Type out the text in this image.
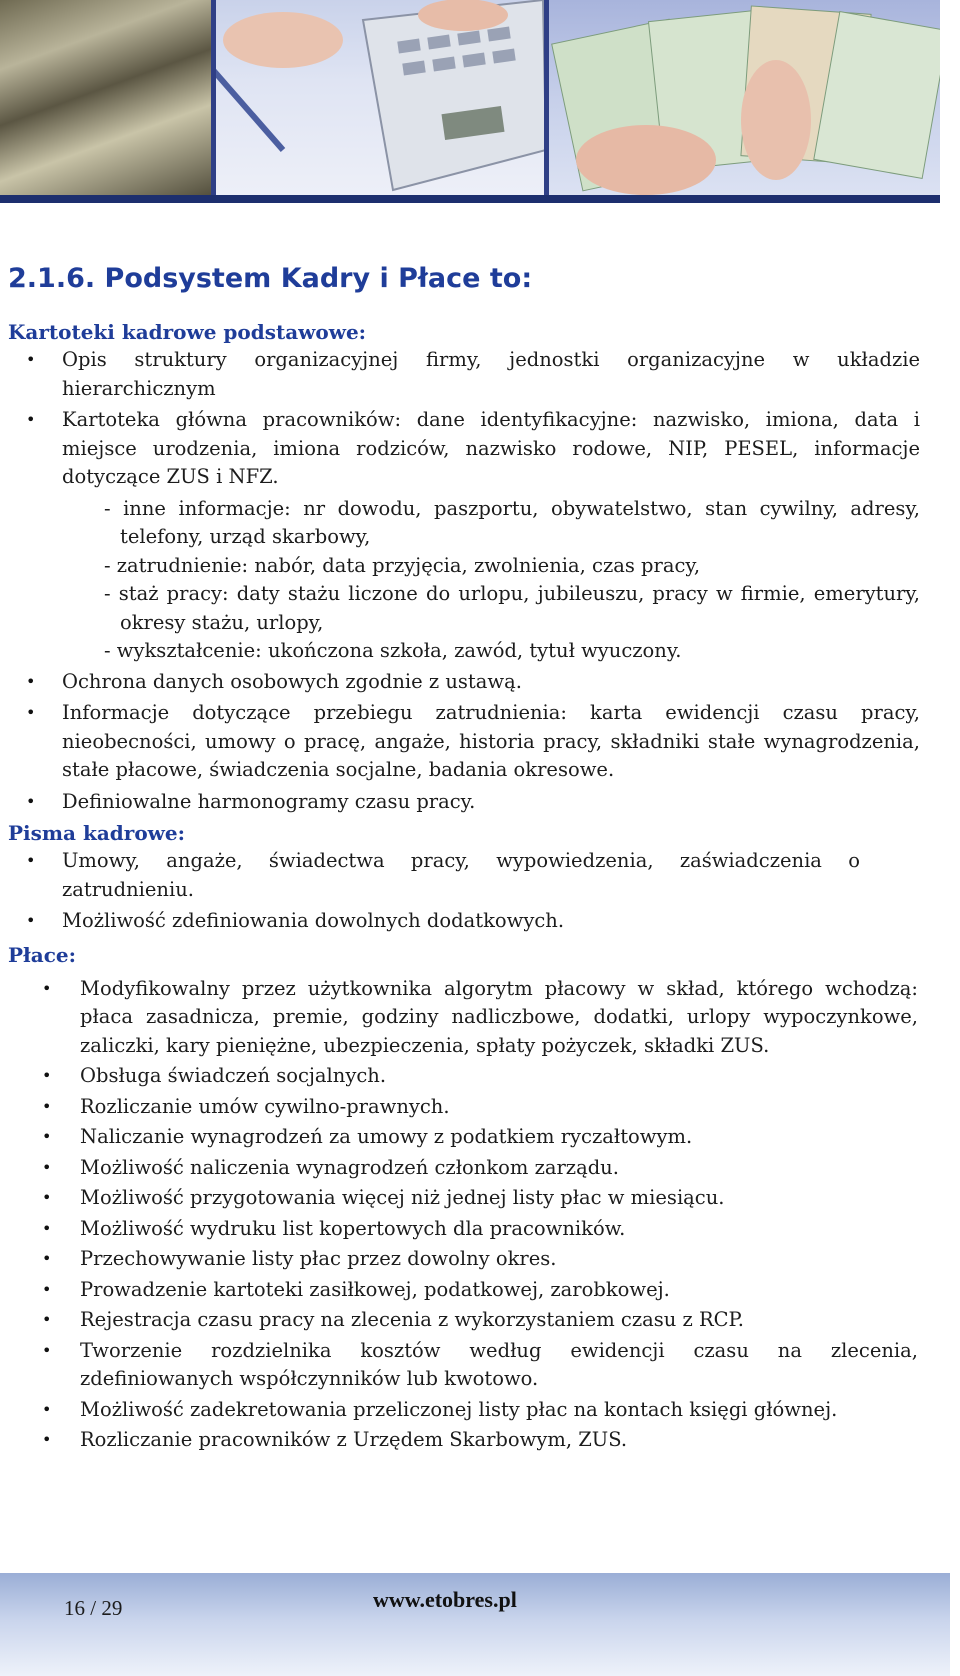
2.1.6. Podsystem Kadry i Płace to:
Kartoteki kadrowe podstawowe:
• Opis struktury organizacyjnej firmy, jednostki organizacyjne w układzie hierarchicznym
• Kartoteka główna pracowników: dane identyfikacyjne: nazwisko, imiona, data i miejsce urodzenia, imiona rodziców, nazwisko rodowe, NIP, PESEL, informacje dotyczące ZUS i NFZ.
- inne informacje: nr dowodu, paszportu, obywatelstwo, stan cywilny, adresy, telefony, urząd skarbowy,
- zatrudnienie: nabór, data przyjęcia, zwolnienia, czas pracy,
- staż pracy: daty stażu liczone do urlopu, jubileuszu, pracy w firmie, emerytury, okresy stażu, urlopy,
- wykształcenie: ukończona szkoła, zawód, tytuł wyuczony.
• Ochrona danych osobowych zgodnie z ustawą.
• Informacje dotyczące przebiegu zatrudnienia: karta ewidencji czasu pracy, nieobecności, umowy o pracę, angaże, historia pracy, składniki stałe wynagrodzenia, stałe płacowe, świadczenia socjalne, badania okresowe.
• Definiowalne harmonogramy czasu pracy.
Pisma kadrowe:
• Umowy, angaże, świadectwa pracy, wypowiedzenia, zaświadczenia o zatrudnieniu.
• Możliwość zdefiniowania dowolnych dodatkowych.
Płace:
• Modyfikowalny przez użytkownika algorytm płacowy w skład, którego wchodzą: płaca zasadnicza, premie, godziny nadliczbowe, dodatki, urlopy wypoczynkowe, zaliczki, kary pieniężne, ubezpieczenia, spłaty pożyczek, składki ZUS.
• Obsługa świadczeń socjalnych.
• Rozliczanie umów cywilno-prawnych.
• Naliczanie wynagrodzeń za umowy z podatkiem ryczałtowym.
• Możliwość naliczenia wynagrodzeń członkom zarządu.
• Możliwość przygotowania więcej niż jednej listy płac w miesiącu.
• Możliwość wydruku list kopertowych dla pracowników.
• Przechowywanie listy płac przez dowolny okres.
• Prowadzenie kartoteki zasiłkowej, podatkowej, zarobkowej.
• Rejestracja czasu pracy na zlecenia z wykorzystaniem czasu z RCP.
• Tworzenie rozdzielnika kosztów według ewidencji czasu na zlecenia, zdefiniowanych współczynników lub kwotowo.
• Możliwość zadekretowania przeliczonej listy płac na kontach księgi głównej.
• Rozliczanie pracowników z Urzędem Skarbowym, ZUS.
16 / 29	www.etobres.pl
